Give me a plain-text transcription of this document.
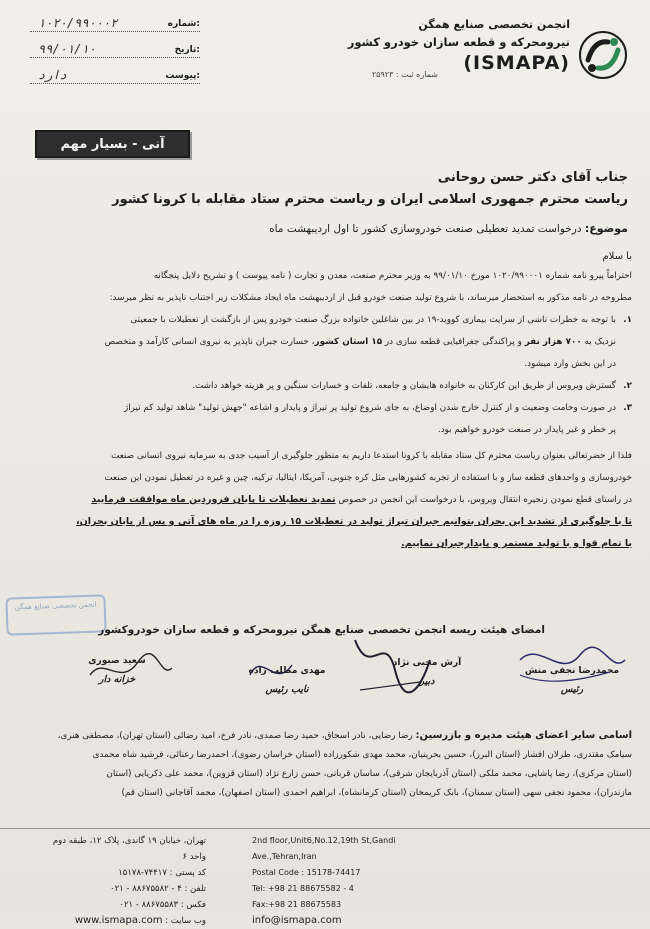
انجمن تخصصی صنایع همگن
نیرومحرکه و قطعه سازان خودرو کشور
(ISMAPA)
شماره ثبت : ۲۵۹۲۳
شماره:
۱۰۲۰/۹۹۰۰۰۲
تاریخ:
۹۹/۰۱/۱۰
پیوست:
دارد
آنی - بسیار مهم
جناب آقای دکتر حسن روحانی
ریاست محترم جمهوری اسلامی ایران و ریاست محترم ستاد مقابله با کرونا کشور
موضوع: درخواست تمدید تعطیلی صنعت خودروسازی کشور تا اول اردیبهشت ماه
با سلام

احتراماً پیرو نامه شماره ۱۰۲۰/۹۹۰۰۰۱ مورخ ۹۹/۰۱/۱۰ به وزیر محترم صنعت، معدن و تجارت ( نامه پیوست ) و تشریح دلایل پنجگانه

مطروحه در نامه مذکور به استحضار میرساند، با شروع تولید صنعت خودرو قبل از اردیبهشت ماه ایجاد مشکلات زیر اجتناب ناپذیر به نظر میرسد:

۱.

با توجه به خطرات ناشی از سرایت بیماری کووید-۱۹ در بین شاغلین خانواده بزرگ صنعت خودرو پس از بازگشت از تعطیلات با جمعیتی

نزدیک به ۷۰۰ هزار نفر و پراکندگی جغرافیایی قطعه سازی در ۱۵ استان کشور، خسارت جبران ناپذیر به نیروی انسانی کارآمد و متخصص

در این بخش وارد میشود.

۲.

گسترش ویروس از طریق این کارکنان به خانواده هایشان و جامعه، تلفات و خسارات سنگین و پر هزینه خواهد داشت.

۳.

در صورت وخامت وضعیت و از کنترل خارج شدن اوضاع، به جای شروع تولید پر تیراژ و پایدار و اشاعه "جهش تولید" شاهد تولید کم تیراژ

پر خطر و غیر پایدار در صنعت خودرو خواهیم بود.

فلذا از حضرتعالی بعنوان ریاست محترم کل ستاد مقابله با کرونا استدعا داریم به منظور جلوگیری از آسیب جدی به سرمایه نیروی انسانی صنعت

خودروسازی و واحدهای قطعه ساز و با استفاده از تجربه کشورهایی مثل کره جنوبی، آمریکا، ایتالیا، ترکیه، چین و غیره در تعطیل نمودن این صنعت

در راستای قطع نمودن زنجیره انتقال ویروس، با درخواست این انجمن در خصوص تمدید تعطیلات تا پایان فروردین ماه موافقت فرمایید

تا با جلوگیری از تشدید این بحران بتوانیم جبران تیراژ تولید در تعطیلات ۱۵ روزه را در ماه های آتی و پس از پایان بحران،

با تمام قوا و با تولید مستمر و پایدارجبران نماییم.

انجمن تخصصی صنایع همگن
امضای هیئت ریسه انجمن تخصصی صنایع همگن نیرومحرکه و قطعه سازان خودروکشور
محمدرضا نجفی منش
رئیس
آرش محبی نژاد
دبیر
مهدی مطلب زاده
نایب رئیس
سعید صبوری
خزانه دار

اسامی سایر اعضای هیئت مدیره و بازرسین: رضا رضایی، نادر اسحاق، حمید رضا صمدی، نادر فرخ، امید رضائی (استان تهران)، مصطفی هنری،

سیامک مقتدری، طرلان افشار (استان البرز)، حسین بحرینیان، محمد مهدی شکورزاده (استان خراسان رضوی)، احمدرضا رعنائی، فرشید شاه محمدی

(استان مرکزی)، رضا پاشایی، محمد ملکی (استان آذربایجان شرقی)، ساسان قربانی، حسن زارع نژاد (استان قزوین)، محمد علی ذکریایی (استان

مازندران)، محمود نجفی سهی (استان سمنان)، بابک کریمخان (استان کرمانشاه)، ابراهیم احمدی (استان اصفهان)، محمد آقاجانی (استان قم)

تهران، خیابان ۱۹ گاندی، پلاک ۱۲، طبقه دوم واحد ۶
کد پستی : ۷۴۴۱۷-۱۵۱۷۸
تلفن : ۴ - ۸۸۶۷۵۵۸۲ - ۰۲۱
فکس : ۸۸۶۷۵۵۸۳ - ۰۲۱
وب سایت : www.ismapa.com
2nd floor,Unit6,No.12,19th St,Gandi Ave.,Tehran,Iran
Postal Code : 15178-74417
Tel: +98 21 88675582 - 4
Fax:+98 21 88675583
info@ismapa.com
